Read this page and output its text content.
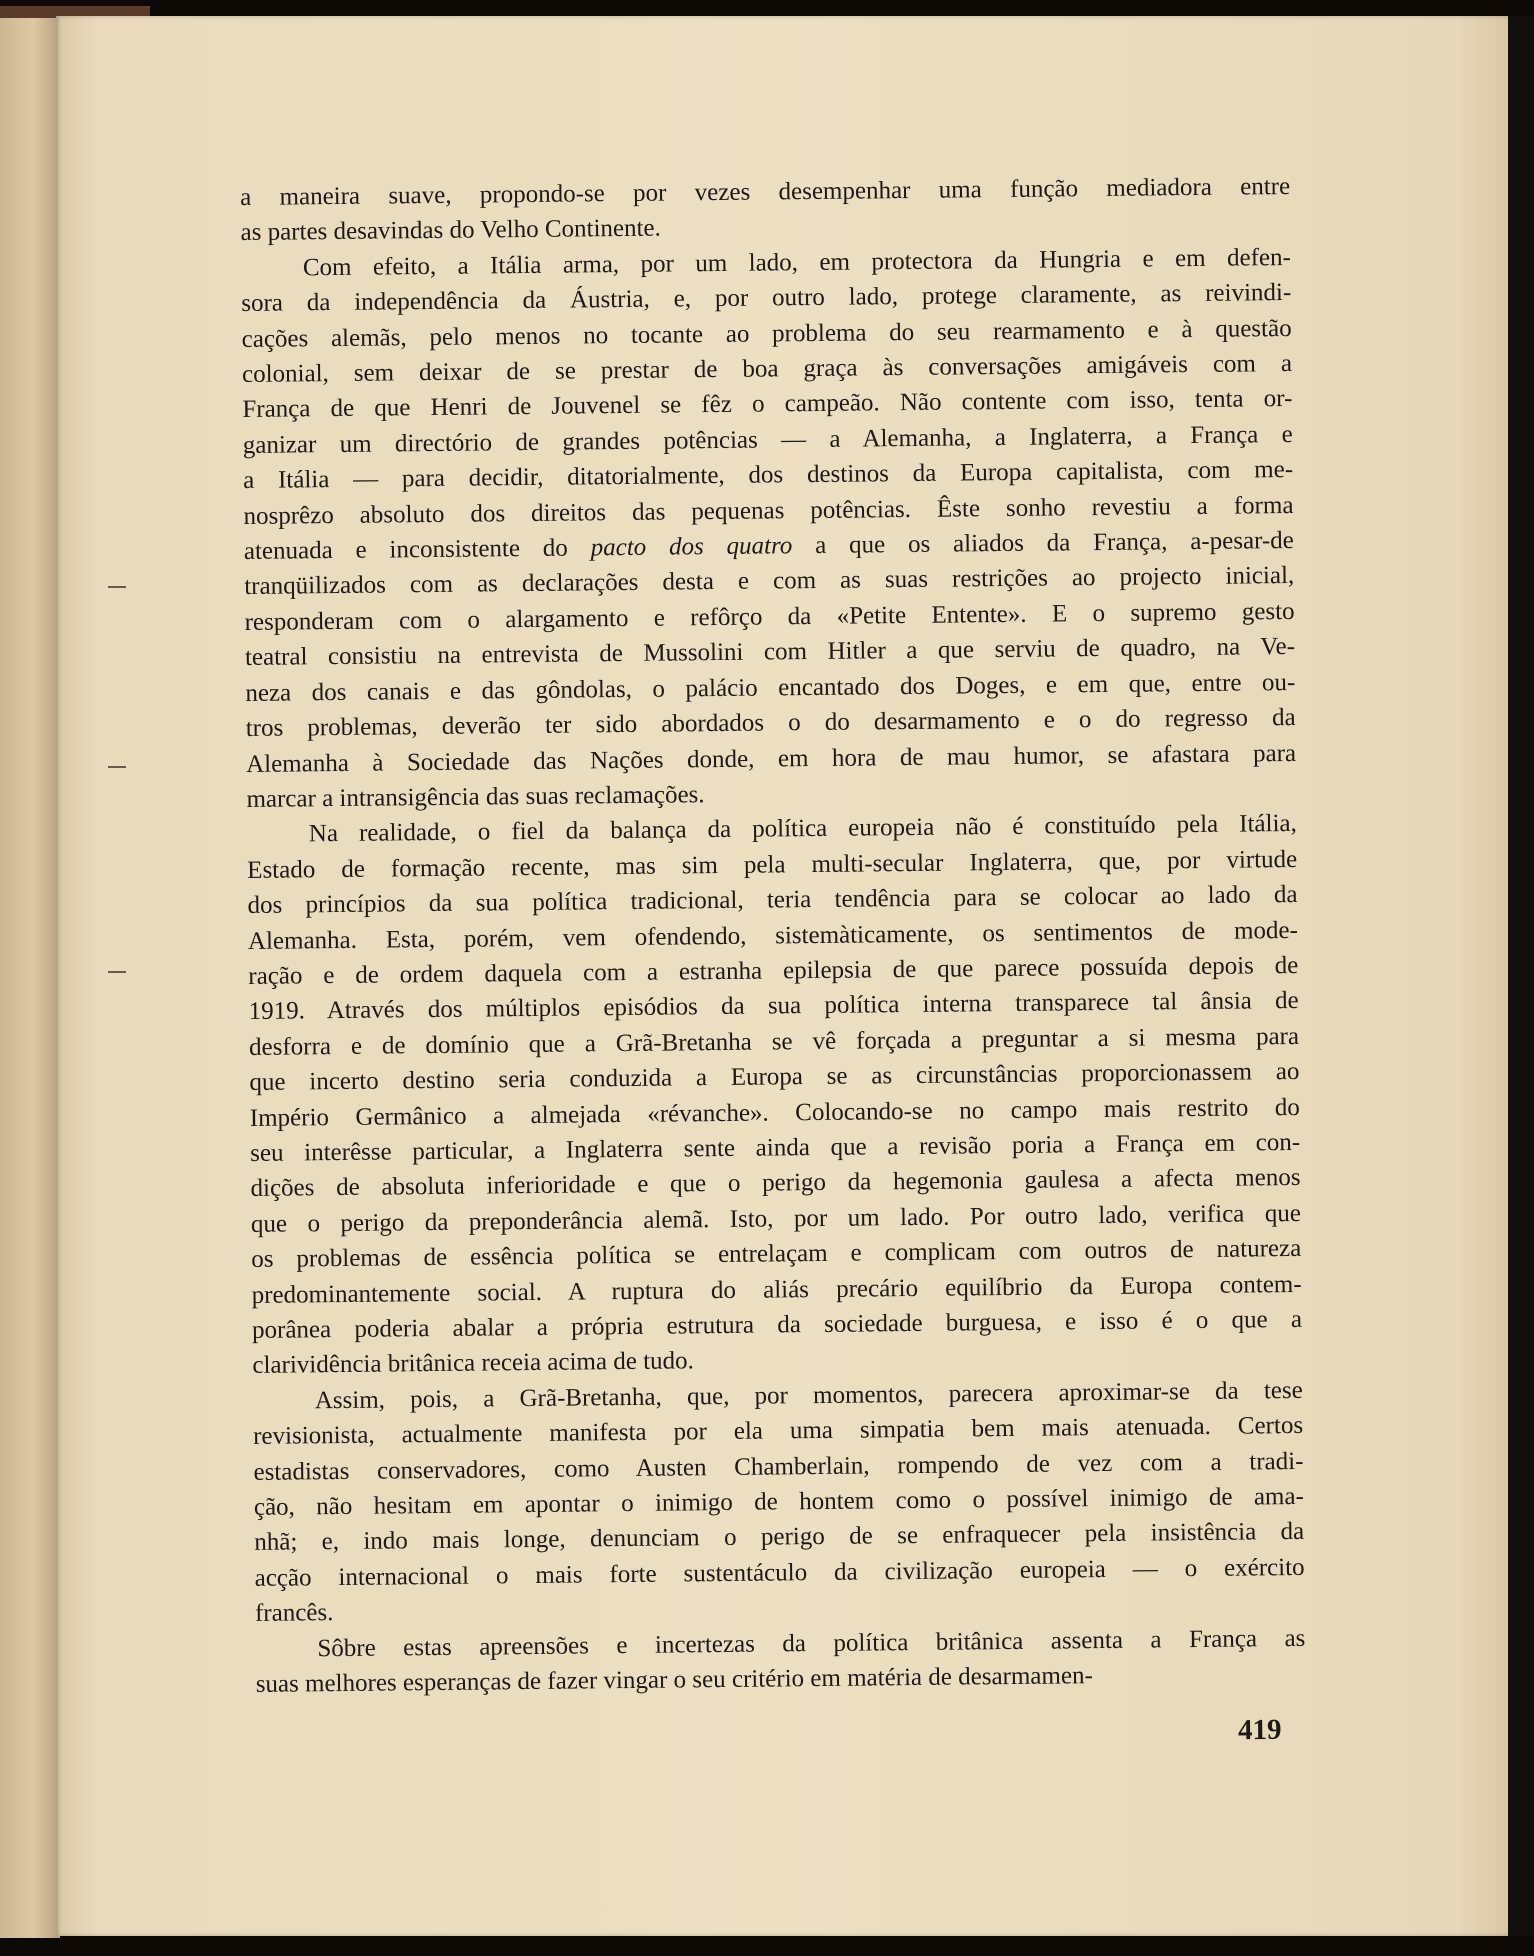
a maneira suave, propondo-se por vezes desempenhar uma função mediadora entre
as partes desavindas do Velho Continente.
Com efeito, a Itália arma, por um lado, em protectora da Hungria e em defen-
sora da independência da Áustria, e, por outro lado, protege claramente, as reivindi-
cações alemãs, pelo menos no tocante ao problema do seu rearmamento e à questão
colonial, sem deixar de se prestar de boa graça às conversações amigáveis com a
França de que Henri de Jouvenel se fêz o campeão. Não contente com isso, tenta or-
ganizar um directório de grandes potências — a Alemanha, a Inglaterra, a França e
a Itália — para decidir, ditatorialmente, dos destinos da Europa capitalista, com me-
nosprêzo absoluto dos direitos das pequenas potências. Êste sonho revestiu a forma
atenuada e inconsistente do pacto dos quatro a que os aliados da França, a-pesar-de
tranqüilizados com as declarações desta e com as suas restrições ao projecto inicial,
responderam com o alargamento e refôrço da «Petite Entente». E o supremo gesto
teatral consistiu na entrevista de Mussolini com Hitler a que serviu de quadro, na Ve-
neza dos canais e das gôndolas, o palácio encantado dos Doges, e em que, entre ou-
tros problemas, deverão ter sido abordados o do desarmamento e o do regresso da
Alemanha à Sociedade das Nações donde, em hora de mau humor, se afastara para
marcar a intransigência das suas reclamações.
Na realidade, o fiel da balança da política europeia não é constituído pela Itália,
Estado de formação recente, mas sim pela multi-secular Inglaterra, que, por virtude
dos princípios da sua política tradicional, teria tendência para se colocar ao lado da
Alemanha. Esta, porém, vem ofendendo, sistemàticamente, os sentimentos de mode-
ração e de ordem daquela com a estranha epilepsia de que parece possuída depois de
1919. Através dos múltiplos episódios da sua política interna transparece tal ânsia de
desforra e de domínio que a Grã-Bretanha se vê forçada a preguntar a si mesma para
que incerto destino seria conduzida a Europa se as circunstâncias proporcionassem ao
Império Germânico a almejada «révanche». Colocando-se no campo mais restrito do
seu interêsse particular, a Inglaterra sente ainda que a revisão poria a França em con-
dições de absoluta inferioridade e que o perigo da hegemonia gaulesa a afecta menos
que o perigo da preponderância alemã. Isto, por um lado. Por outro lado, verifica que
os problemas de essência política se entrelaçam e complicam com outros de natureza
predominantemente social. A ruptura do aliás precário equilíbrio da Europa contem-
porânea poderia abalar a própria estrutura da sociedade burguesa, e isso é o que a
clarividência britânica receia acima de tudo.
Assim, pois, a Grã-Bretanha, que, por momentos, parecera aproximar-se da tese
revisionista, actualmente manifesta por ela uma simpatia bem mais atenuada. Certos
estadistas conservadores, como Austen Chamberlain, rompendo de vez com a tradi-
ção, não hesitam em apontar o inimigo de hontem como o possível inimigo de ama-
nhã; e, indo mais longe, denunciam o perigo de se enfraquecer pela insistência da
acção internacional o mais forte sustentáculo da civilização europeia — o exército
francês.
Sôbre estas apreensões e incertezas da política britânica assenta a França as
suas melhores esperanças de fazer vingar o seu critério em matéria de desarmamen-
419
